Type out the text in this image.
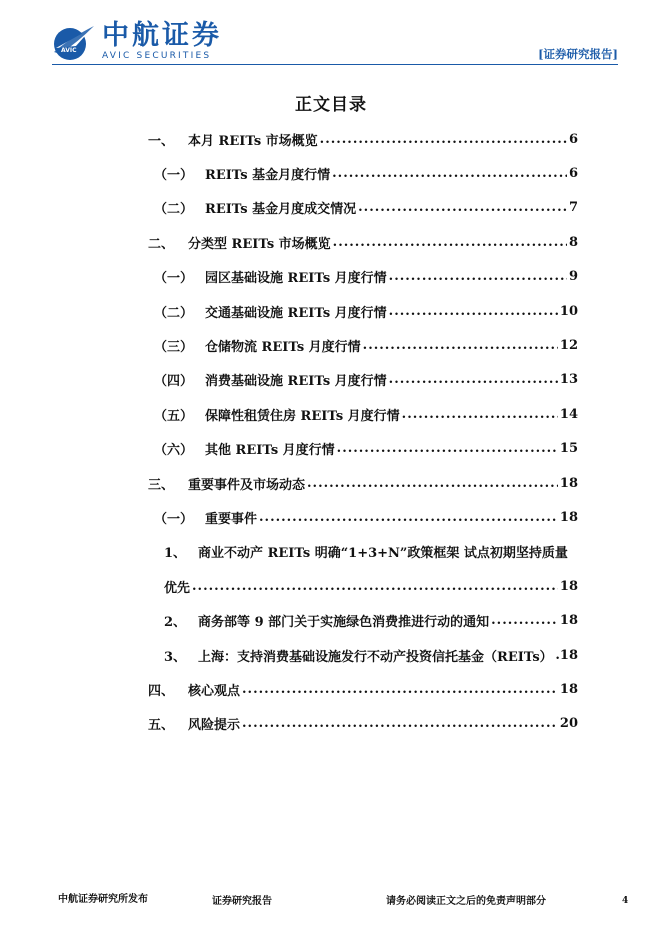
AVIC 中航证券
AVIC SECURITIES	[证券研究报告]
正文目录
一、	本月 REITs 市场概览 .....	6
（一） REITs 基金月度行情 .....	6
（二） REITs 基金月度成交情况 .....	7
二、	分类型 REITs 市场概览 .....	8
（一） 园区基础设施 REITs 月度行情 .....	9
（二） 交通基础设施 REITs 月度行情 .....	10
（三） 仓储物流 REITs 月度行情 .....	12
（四） 消费基础设施 REITs 月度行情 .....	13
（五） 保障性租赁住房 REITs 月度行情 .....	14
（六） 其他 REITs 月度行情 .....	15
三、	重要事件及市场动态 .....	18
（一） 重要事件 .....	18
1、 商业不动产 REITs 明确“1+3+N”政策框架 试点初期坚持质量
优先 .....	18
2、 商务部等 9 部门关于实施绿色消费推进行动的通知 .....	18
3、 上海：支持消费基础设施发行不动产投资信托基金（REITs） .18
四、	核心观点 .....	18
五、	风险提示 .....	20
中航证券研究所发布	证券研究报告	请务必阅读正文之后的免责声明部分	4
